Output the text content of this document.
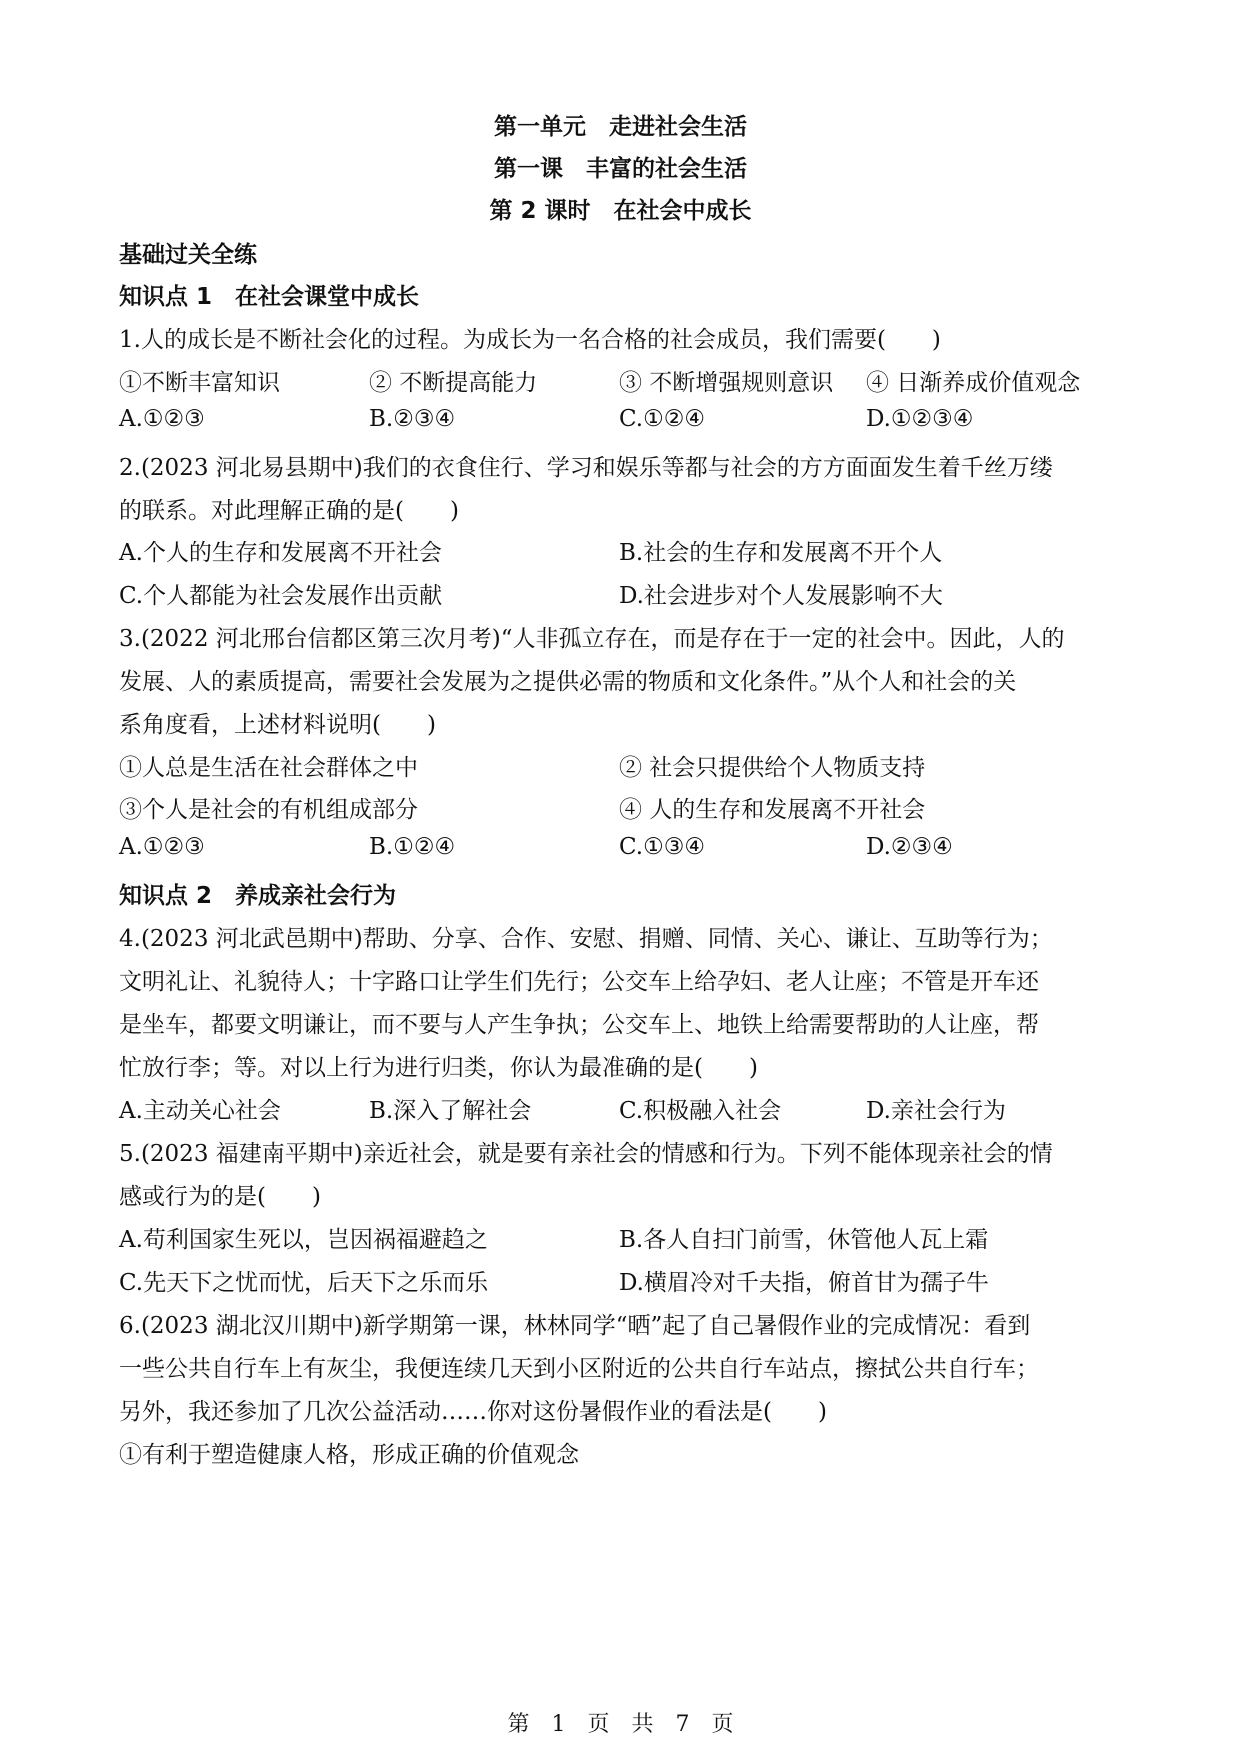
第一单元　走进社会生活
第一课　丰富的社会生活
第 2 课时　在社会中成长
基础过关全练
知识点 1　在社会课堂中成长
1.人的成长是不断社会化的过程。为成长为一名合格的社会成员，我们需要(　　)
①不断丰富知识	② 不断提高能力	③ 不断增强规则意识 ④ 日渐养成价值观念
A.①②③	B.②③④	C.①②④	D.①②③④
2.(2023 河北易县期中)我们的衣食住行、学习和娱乐等都与社会的方方面面发生着千丝万缕
的联系。对此理解正确的是(　　)
A.个人的生存和发展离不开社会	B.社会的生存和发展离不开个人
C.个人都能为社会发展作出贡献	D.社会进步对个人发展影响不大
3.(2022 河北邢台信都区第三次月考)“人非孤立存在，而是存在于一定的社会中。因此，人的
发展、人的素质提高，需要社会发展为之提供必需的物质和文化条件。”从个人和社会的关
系角度看，上述材料说明(　　)
①人总是生活在社会群体之中	② 社会只提供给个人物质支持
③个人是社会的有机组成部分	④ 人的生存和发展离不开社会
A.①②③	B.①②④	C.①③④	D.②③④
知识点 2　养成亲社会行为
4.(2023 河北武邑期中)帮助、分享、合作、安慰、捐赠、同情、关心、谦让、互助等行为；
文明礼让、礼貌待人；十字路口让学生们先行；公交车上给孕妇、老人让座；不管是开车还
是坐车，都要文明谦让，而不要与人产生争执；公交车上、地铁上给需要帮助的人让座，帮
忙放行李；等。对以上行为进行归类，你认为最准确的是(　　)
A.主动关心社会	B.深入了解社会	C.积极融入社会	D.亲社会行为
5.(2023 福建南平期中)亲近社会，就是要有亲社会的情感和行为。下列不能体现亲社会的情
感或行为的是(　　)
A.苟利国家生死以，岂因祸福避趋之	B.各人自扫门前雪，休管他人瓦上霜
C.先天下之忧而忧，后天下之乐而乐	D.横眉冷对千夫指，俯首甘为孺子牛
6.(2023 湖北汉川期中)新学期第一课，林林同学“晒”起了自己暑假作业的完成情况：看到
一些公共自行车上有灰尘，我便连续几天到小区附近的公共自行车站点，擦拭公共自行车；
另外，我还参加了几次公益活动……你对这份暑假作业的看法是(　　)
①有利于塑造健康人格，形成正确的价值观念
第　1　页　共　7　页
